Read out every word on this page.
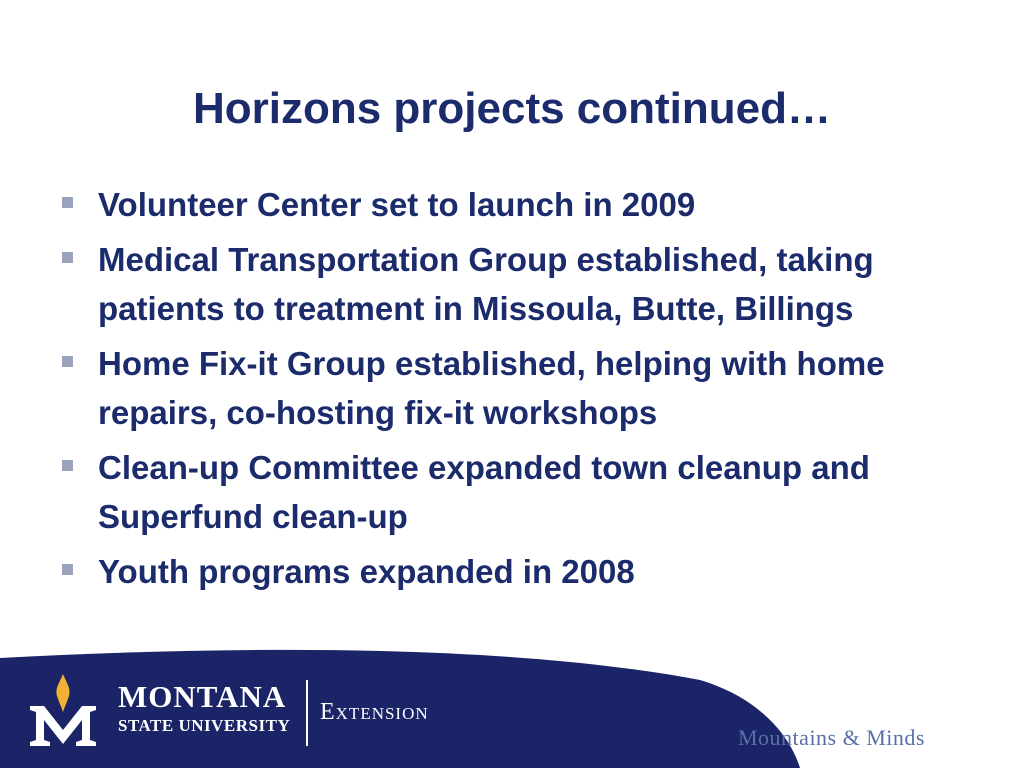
Horizons projects continued…
Volunteer Center set to launch in 2009
Medical Transportation Group established, taking patients to treatment in Missoula, Butte, Billings
Home Fix-it Group established, helping with home repairs, co-hosting fix-it workshops
Clean-up Committee expanded town cleanup and Superfund clean-up
Youth programs expanded in 2008
MONTANA
STATE UNIVERSITY
Extension
Mountains & Minds
